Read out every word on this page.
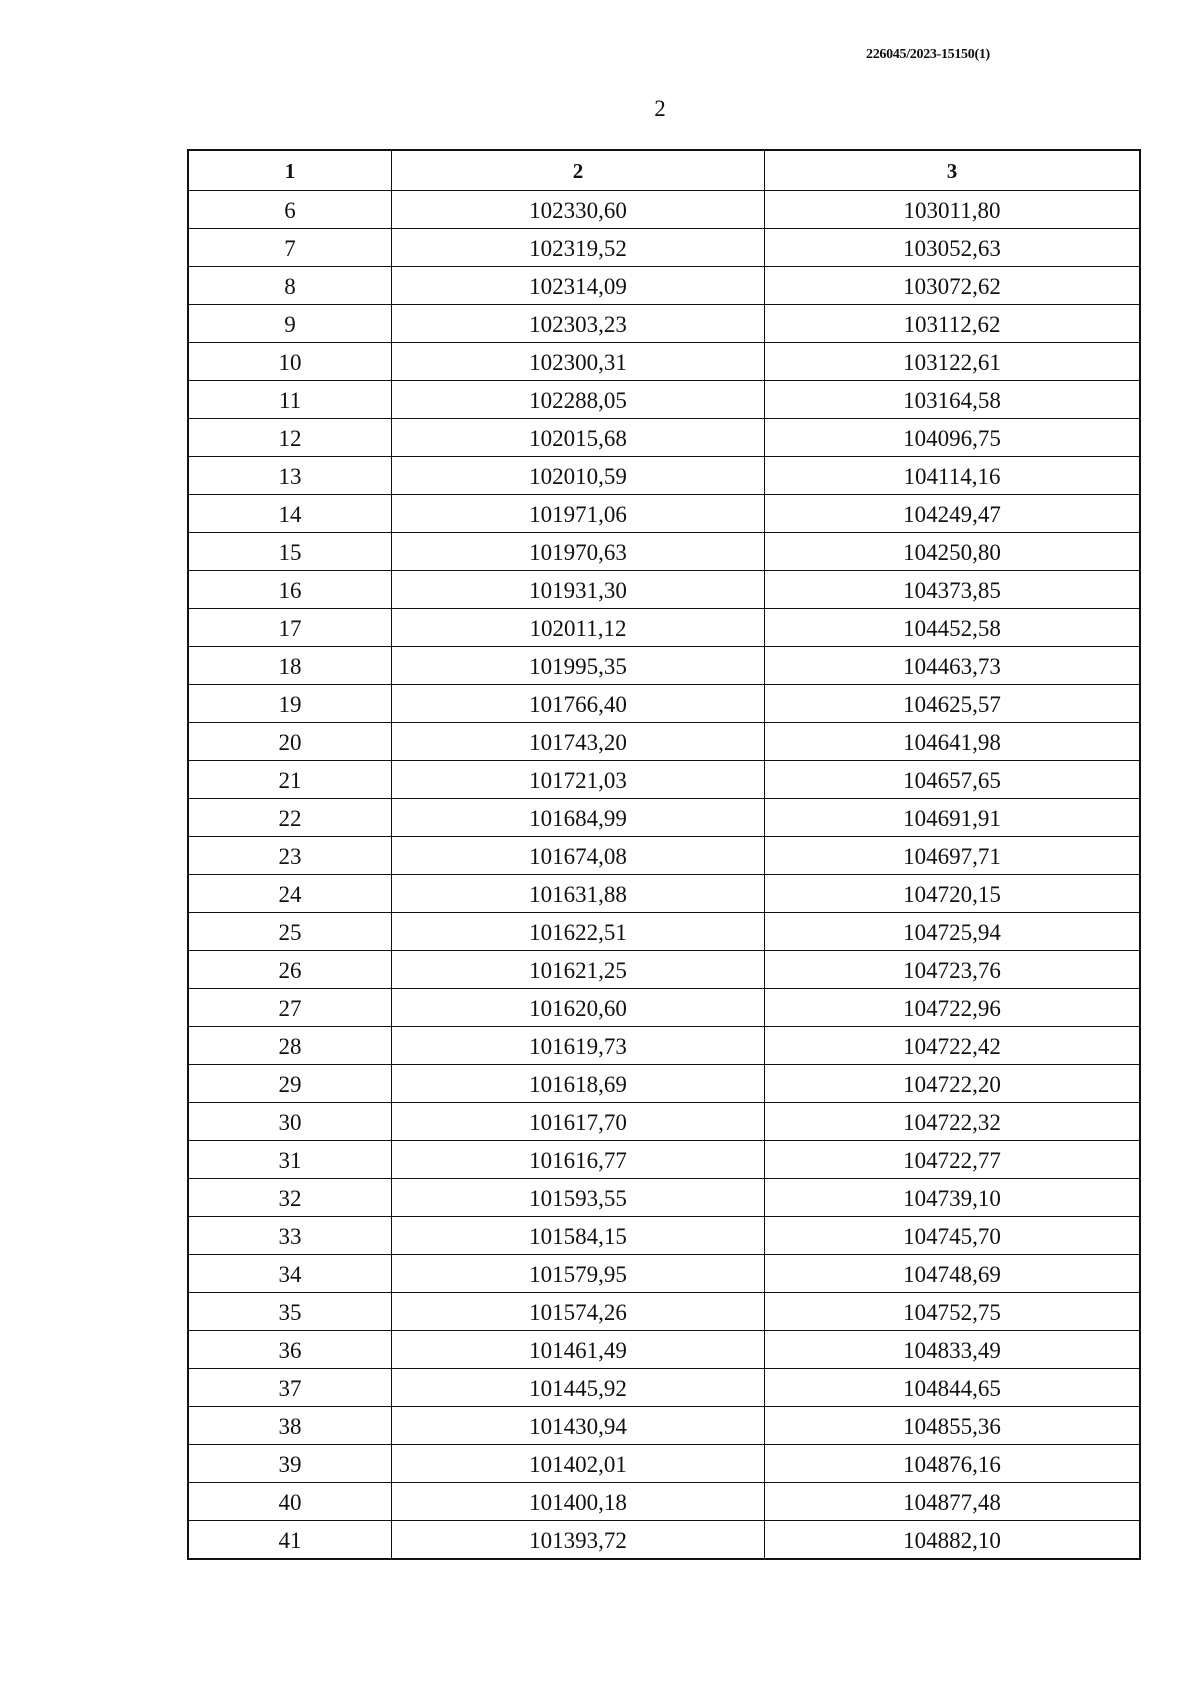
226045/2023-15150(1)
2
1	2	3
6	102330,60	103011,80
7	102319,52	103052,63
8	102314,09	103072,62
9	102303,23	103112,62
10	102300,31	103122,61
11	102288,05	103164,58
12	102015,68	104096,75
13	102010,59	104114,16
14	101971,06	104249,47
15	101970,63	104250,80
16	101931,30	104373,85
17	102011,12	104452,58
18	101995,35	104463,73
19	101766,40	104625,57
20	101743,20	104641,98
21	101721,03	104657,65
22	101684,99	104691,91
23	101674,08	104697,71
24	101631,88	104720,15
25	101622,51	104725,94
26	101621,25	104723,76
27	101620,60	104722,96
28	101619,73	104722,42
29	101618,69	104722,20
30	101617,70	104722,32
31	101616,77	104722,77
32	101593,55	104739,10
33	101584,15	104745,70
34	101579,95	104748,69
35	101574,26	104752,75
36	101461,49	104833,49
37	101445,92	104844,65
38	101430,94	104855,36
39	101402,01	104876,16
40	101400,18	104877,48
41	101393,72	104882,10
